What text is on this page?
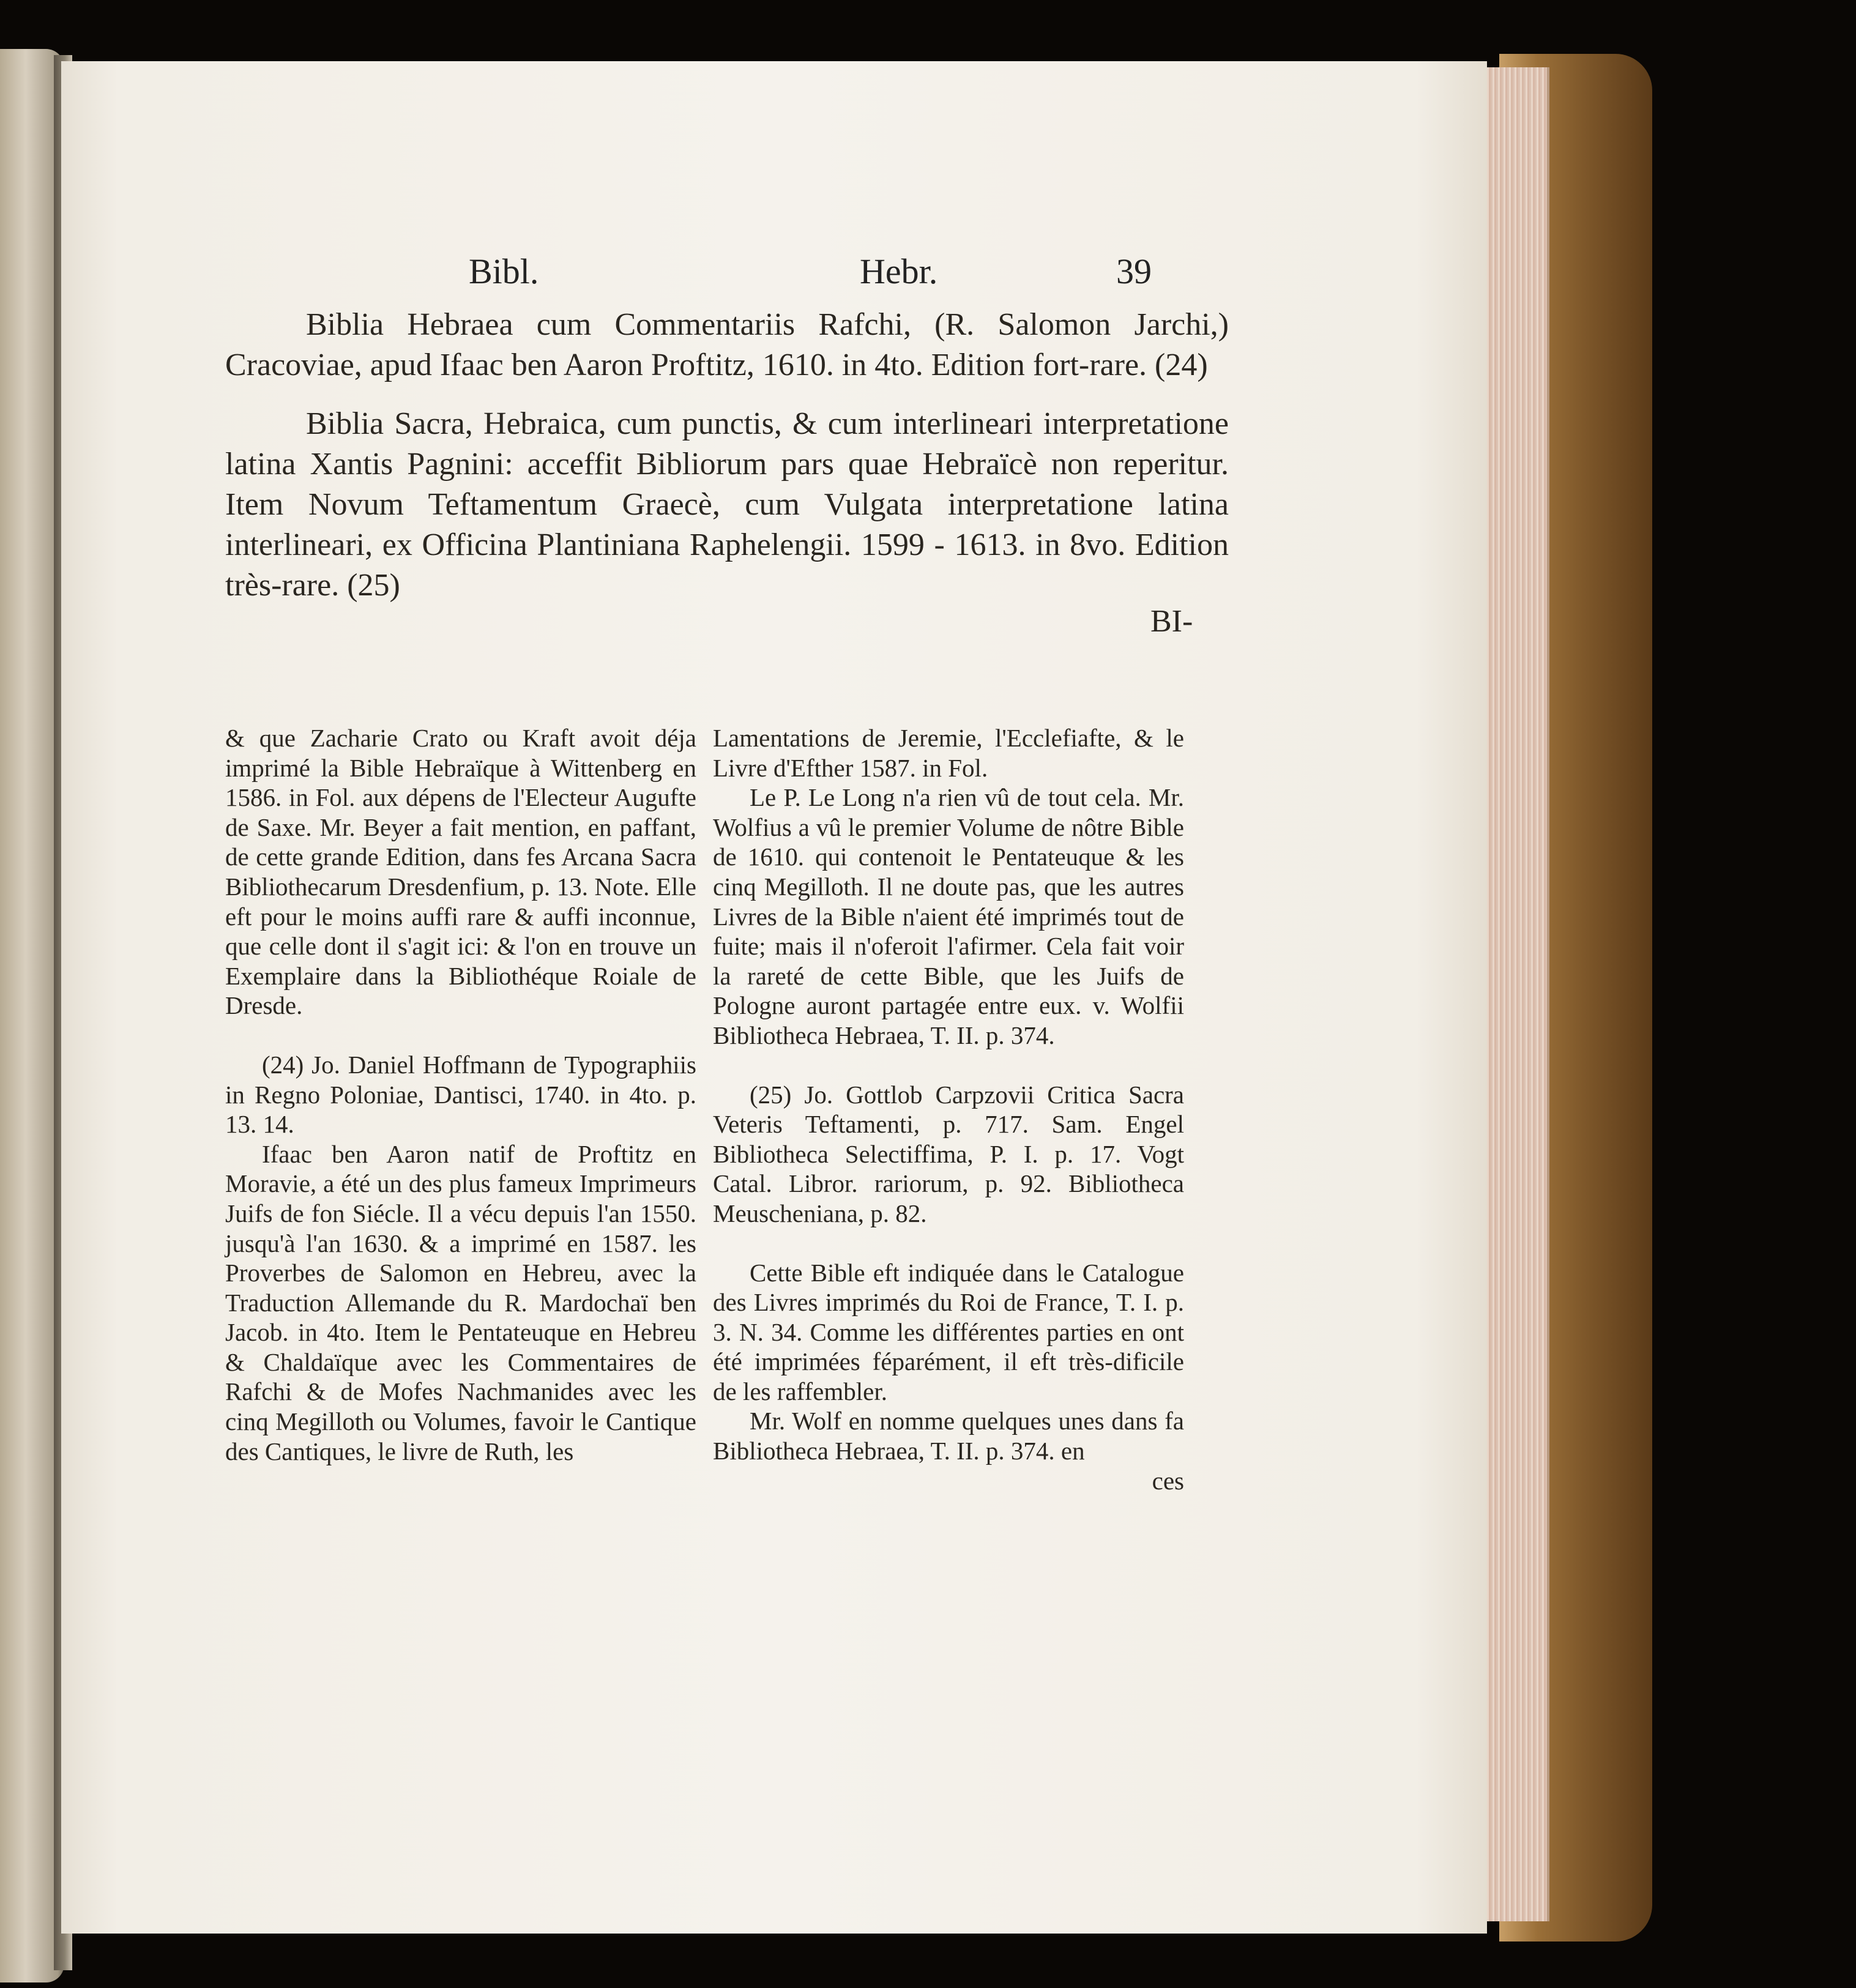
Bibl.	Hebr.	39

Biblia Hebraea cum Commentariis Rafchi, (R. Salomon Jarchi,) Cracoviae, apud Ifaac ben Aaron Proftitz, 1610. in 4to. Edition fort-rare. (24)

Biblia Sacra, Hebraica, cum punctis, & cum interlineari interpretatione latina Xantis Pagnini: acceffit Bibliorum pars quae Hebraïcè non reperitur. Item Novum Teftamentum Graecè, cum Vulgata interpretatione latina interlineari, ex Officina Plantiniana Raphelengii. 1599 - 1613. in 8vo. Edition très-rare. (25)

BI-

& que Zacharie Crato ou Kraft avoit déja imprimé la Bible Hebraïque à Wittenberg en 1586. in Fol. aux dépens de l'Electeur Augufte de Saxe. Mr. Beyer a fait mention, en paffant, de cette grande Edition, dans fes Arcana Sacra Bibliothecarum Dresdenfium, p. 13. Note. Elle eft pour le moins auffi rare & auffi inconnue, que celle dont il s'agit ici: & l'on en trouve un Exemplaire dans la Bibliothéque Roiale de Dresde.

(24) Jo. Daniel Hoffmann de Typographiis in Regno Poloniae, Dantisci, 1740. in 4to. p. 13. 14.

Ifaac ben Aaron natif de Proftitz en Moravie, a été un des plus fameux Imprimeurs Juifs de fon Siécle. Il a vécu depuis l'an 1550. jusqu'à l'an 1630. & a imprimé en 1587. les Proverbes de Salomon en Hebreu, avec la Traduction Allemande du R. Mardochaï ben Jacob. in 4to. Item le Pentateuque en Hebreu & Chaldaïque avec les Commentaires de Rafchi & de Mofes Nachmanides avec les cinq Megilloth ou Volumes, favoir le Cantique des Cantiques, le livre de Ruth, les

Lamentations de Jeremie, l'Ecclefiafte, & le Livre d'Efther 1587. in Fol.

Le P. Le Long n'a rien vû de tout cela. Mr. Wolfius a vû le premier Volume de nôtre Bible de 1610. qui contenoit le Pentateuque & les cinq Megilloth. Il ne doute pas, que les autres Livres de la Bible n'aient été imprimés tout de fuite; mais il n'oferoit l'afirmer. Cela fait voir la rareté de cette Bible, que les Juifs de Pologne auront partagée entre eux. v. Wolfii Bibliotheca Hebraea, T. II. p. 374.

(25) Jo. Gottlob Carpzovii Critica Sacra Veteris Teftamenti, p. 717. Sam. Engel Bibliotheca Selectiffima, P. I. p. 17. Vogt Catal. Libror. rariorum, p. 92. Bibliotheca Meuscheniana, p. 82.

Cette Bible eft indiquée dans le Catalogue des Livres imprimés du Roi de France, T. I. p. 3. N. 34. Comme les différentes parties en ont été imprimées féparément, il eft très-dificile de les raffembler.

Mr. Wolf en nomme quelques unes dans fa Bibliotheca Hebraea, T. II. p. 374. en

ces
